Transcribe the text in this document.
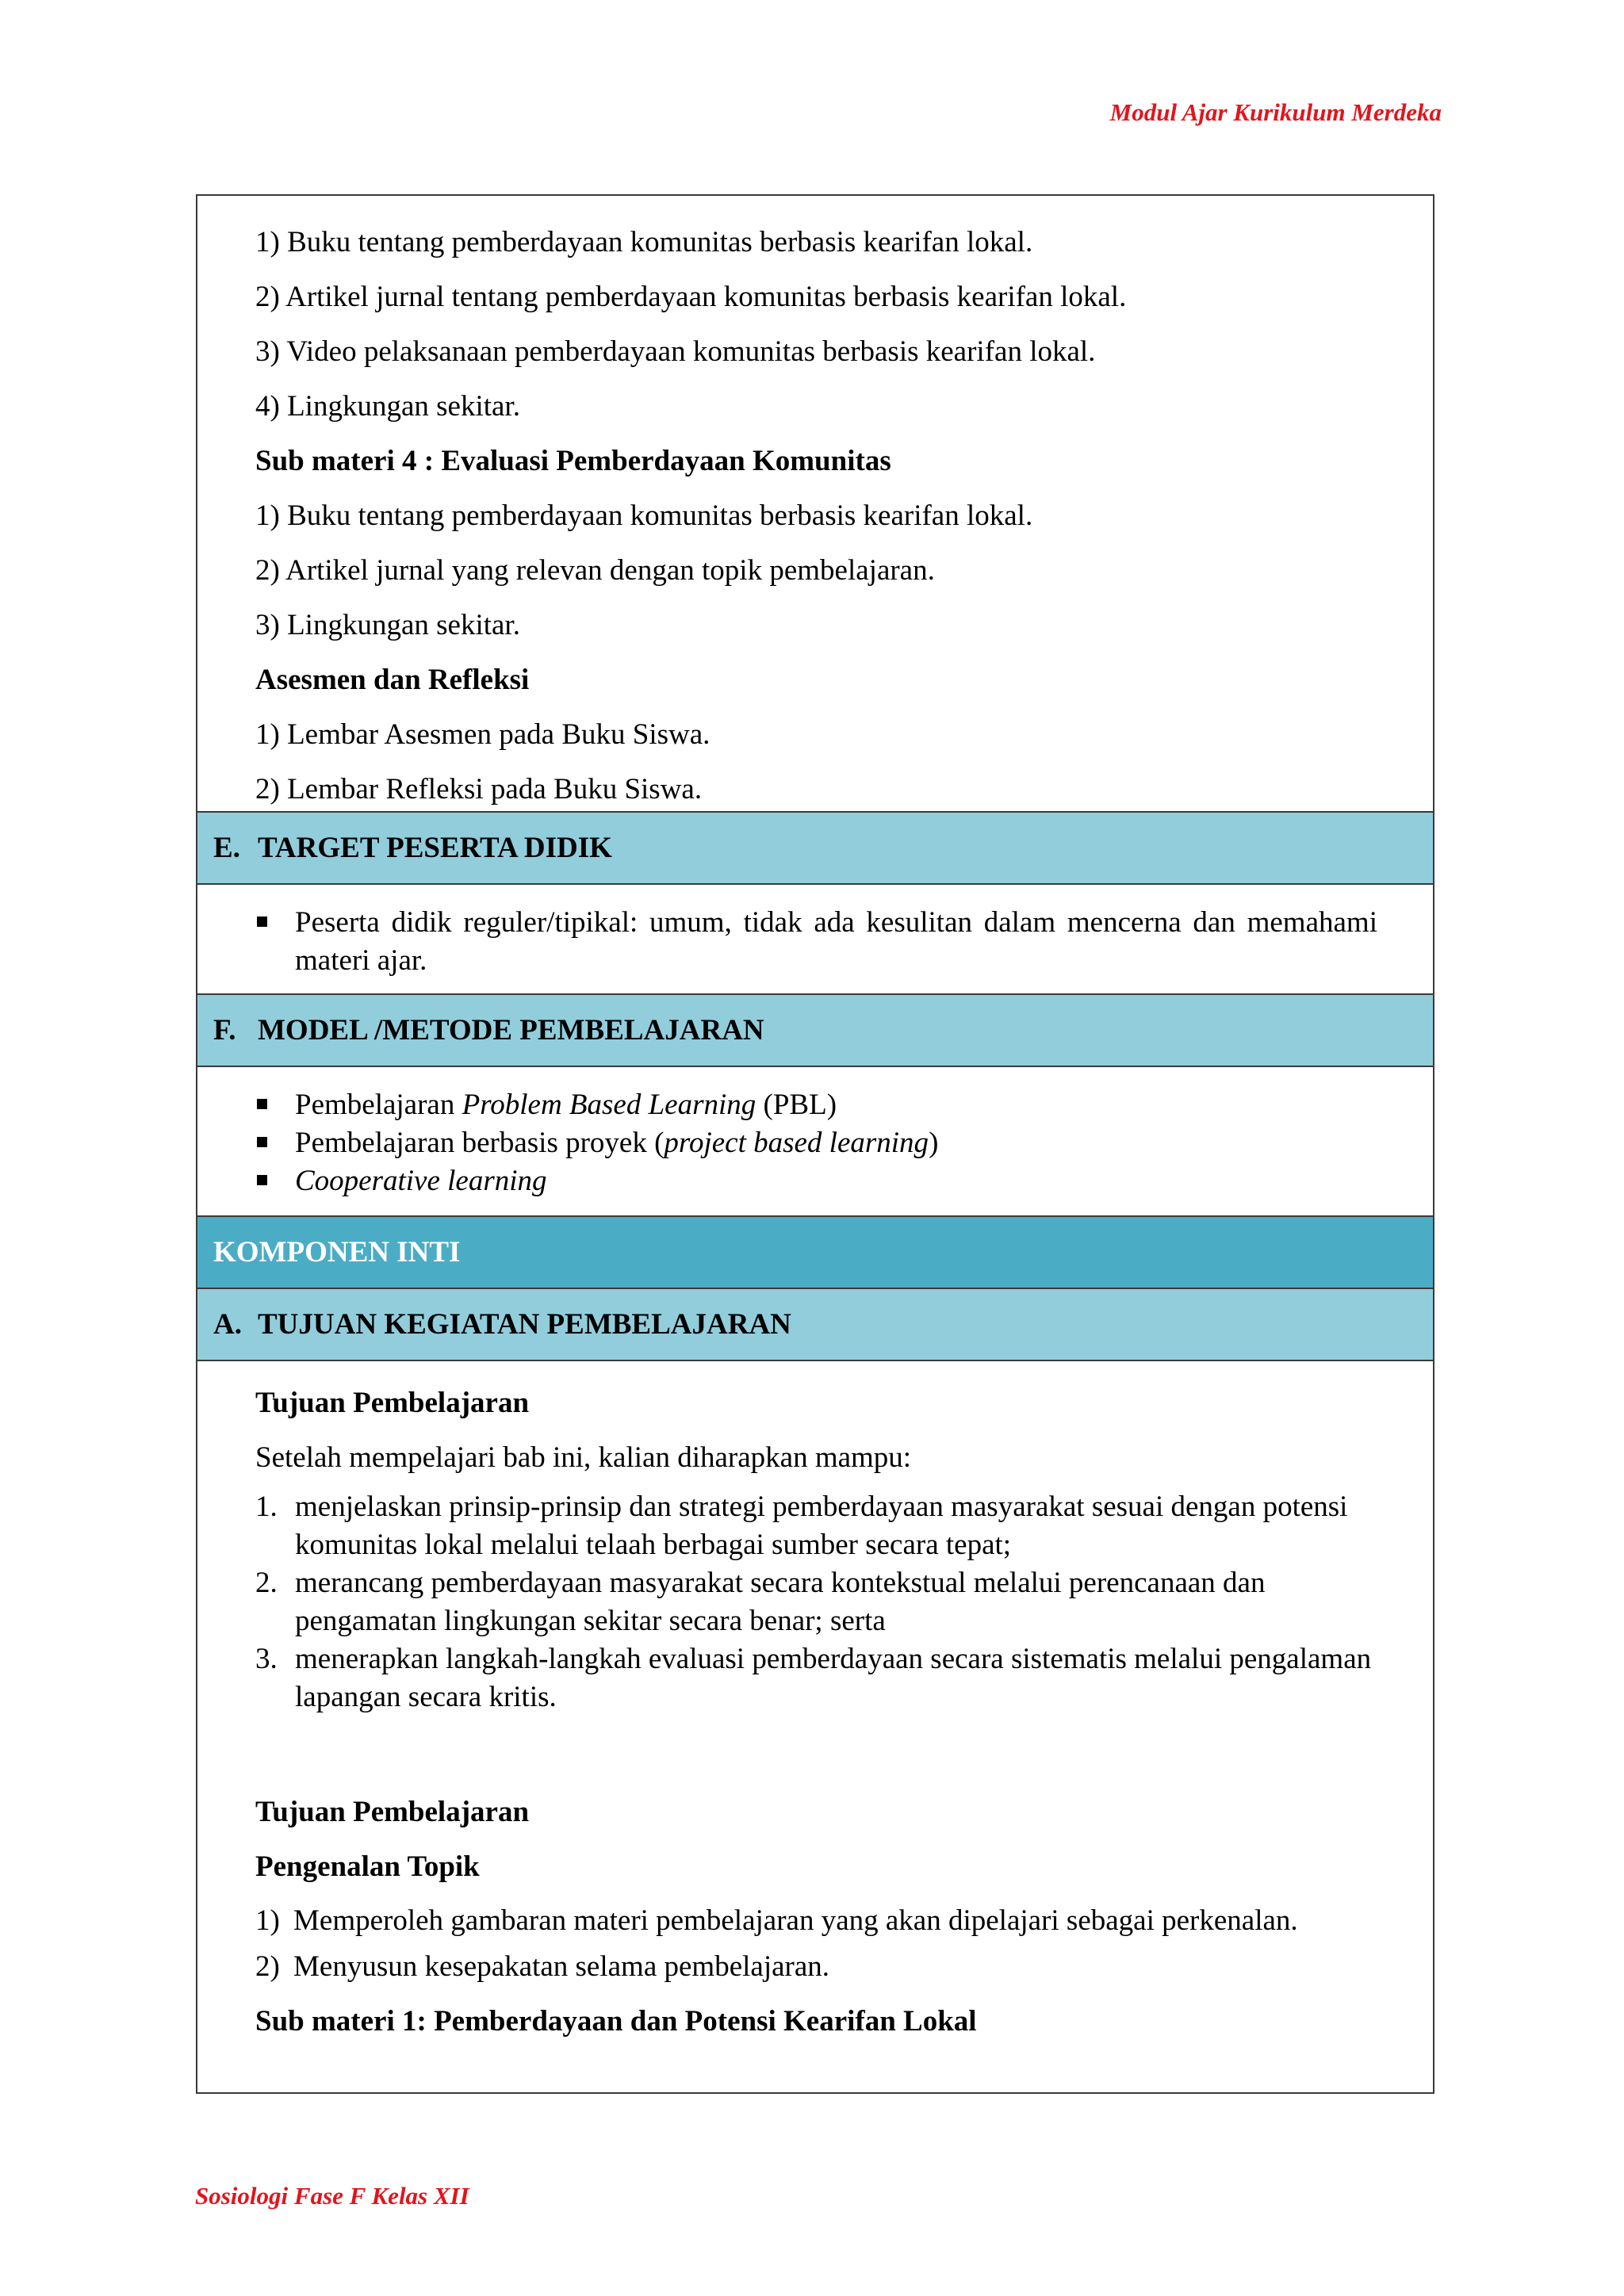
Modul Ajar Kurikulum Merdeka
1) Buku tentang pemberdayaan komunitas berbasis kearifan lokal.
2) Artikel jurnal tentang pemberdayaan komunitas berbasis kearifan lokal.
3) Video pelaksanaan pemberdayaan komunitas berbasis kearifan lokal.
4) Lingkungan sekitar.
Sub materi 4 : Evaluasi Pemberdayaan Komunitas
1) Buku tentang pemberdayaan komunitas berbasis kearifan lokal.
2) Artikel jurnal yang relevan dengan topik pembelajaran.
3) Lingkungan sekitar.
Asesmen dan Refleksi
1) Lembar Asesmen pada Buku Siswa.
2) Lembar Refleksi pada Buku Siswa.
E. TARGET PESERTA DIDIK
Peserta didik reguler/tipikal: umum, tidak ada kesulitan dalam mencerna dan memahami materi ajar.
F. MODEL /METODE PEMBELAJARAN
Pembelajaran Problem Based Learning (PBL)
Pembelajaran berbasis proyek (project based learning)
Cooperative learning
KOMPONEN INTI
A. TUJUAN KEGIATAN PEMBELAJARAN
Tujuan Pembelajaran
Setelah mempelajari bab ini, kalian diharapkan mampu:
1. menjelaskan prinsip-prinsip dan strategi pemberdayaan masyarakat sesuai dengan potensi komunitas lokal melalui telaah berbagai sumber secara tepat;
2. merancang pemberdayaan masyarakat secara kontekstual melalui perencanaan dan pengamatan lingkungan sekitar secara benar; serta
3. menerapkan langkah-langkah evaluasi pemberdayaan secara sistematis melalui pengalaman lapangan secara kritis.
Tujuan Pembelajaran
Pengenalan Topik
1) Memperoleh gambaran materi pembelajaran yang akan dipelajari sebagai perkenalan.
2) Menyusun kesepakatan selama pembelajaran.
Sub materi 1: Pemberdayaan dan Potensi Kearifan Lokal
Sosiologi Fase F Kelas XII
